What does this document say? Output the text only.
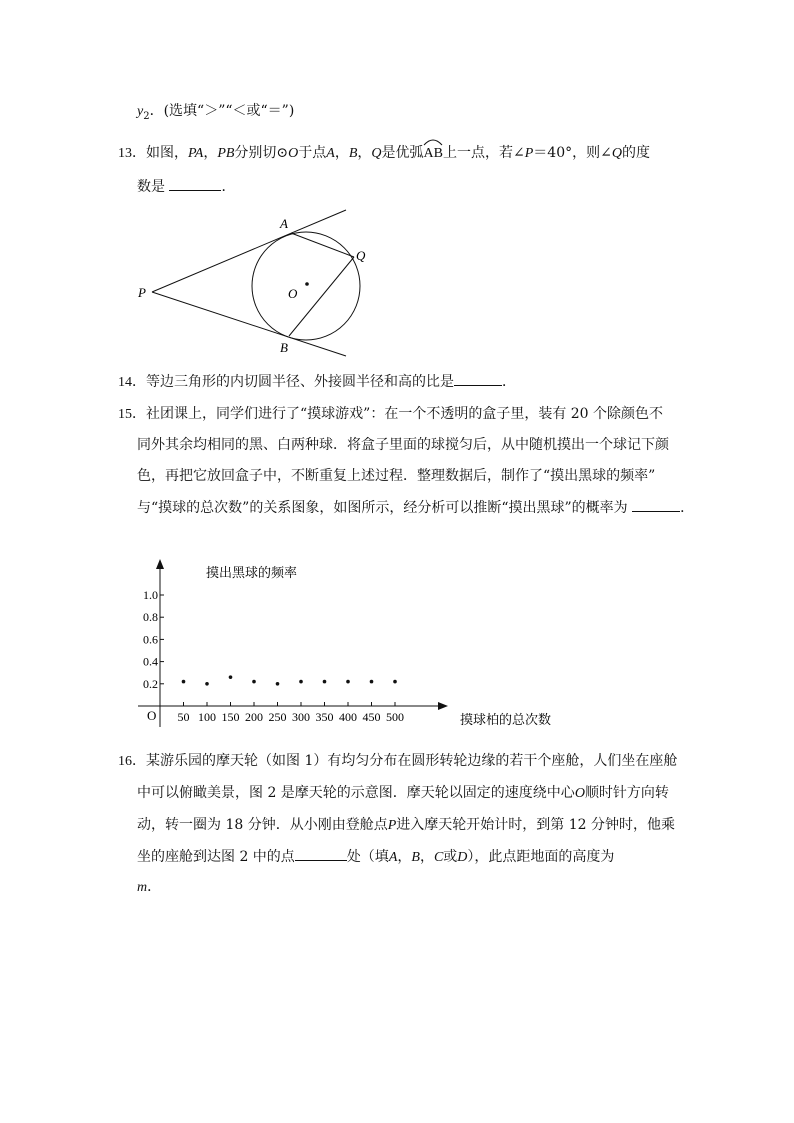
$y_2$．(选填“＞”“＜或“＝”)
13．如图，PA，PB分别切⊙O于点A，B，Q是优弧
AB上一点，若∠P＝40°，则∠Q的度
数是	．
A
Q
P	O
B
14．等边三角形的内切圆半径、外接圆半径和高的比是	．
15．社团课上，同学们进行了“摸球游戏”：在一个不透明的盒子里，装有 20 个除颜色不
同外其余均相同的黑、白两种球．将盒子里面的球搅匀后，从中随机摸出一个球记下颜
色，再把它放回盒子中，不断重复上述过程．整理数据后，制作了“摸出黑球的频率”
与“摸球的总次数”的关系图象，如图所示，经分析可以推断“摸出黑球”的概率为	．
摸出黑球的频率
摸球柏的总次数
O 50 100 150 200 250 300 350 400 450 500
0.2
0.4
0.6
0.8
1.0
16．某游乐园的摩天轮（如图 1）有均匀分布在圆形转轮边缘的若干个座舱，人们坐在座舱
中可以俯瞰美景，图 2 是摩天轮的示意图．摩天轮以固定的速度绕中心O顺时针方向转
动，转一圈为 18 分钟．从小刚由登舱点P进入摩天轮开始计时，到第 12 分钟时，他乘
坐的座舱到达图 2 中的点	处（填A，B，C或D），此点距地面的高度为
m．
